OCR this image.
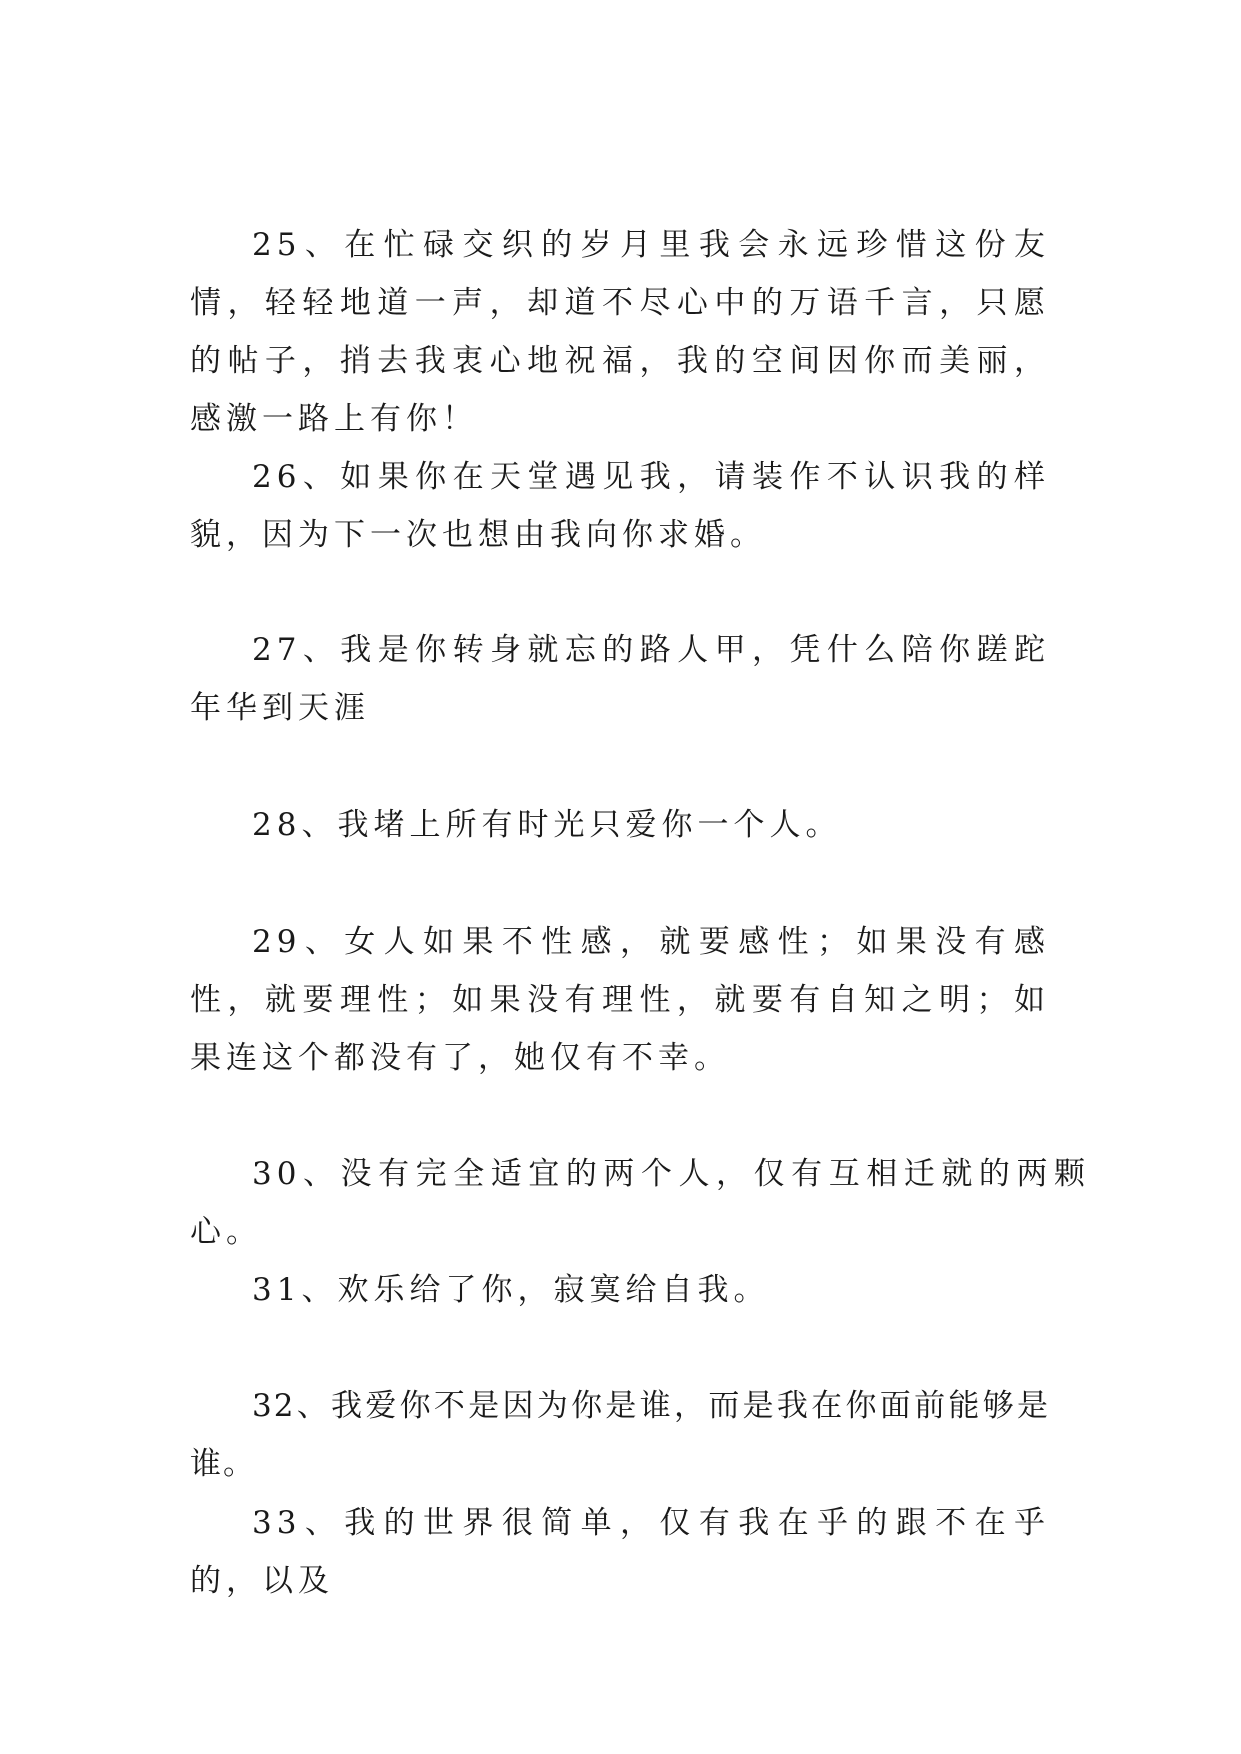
25、在忙碌交织的岁月里我会永远珍惜这份友情，轻轻地道一声，却道不尽心中的万语千言，只愿的帖子，捎去我衷心地祝福，我的空间因你而美丽，感激一路上有你！

26、如果你在天堂遇见我，请装作不认识我的样貌，因为下一次也想由我向你求婚。

27、我是你转身就忘的路人甲，凭什么陪你蹉跎年华到天涯

28、我堵上所有时光只爱你一个人。

29、女人如果不性感，就要感性；如果没有感性，就要理性；如果没有理性，就要有自知之明；如果连这个都没有了，她仅有不幸。

30、没有完全适宜的两个人，仅有互相迁就的两颗心。

31、欢乐给了你，寂寞给自我。

32、我爱你不是因为你是谁，而是我在你面前能够是谁。

33、我的世界很简单，仅有我在乎的跟不在乎的，以及
